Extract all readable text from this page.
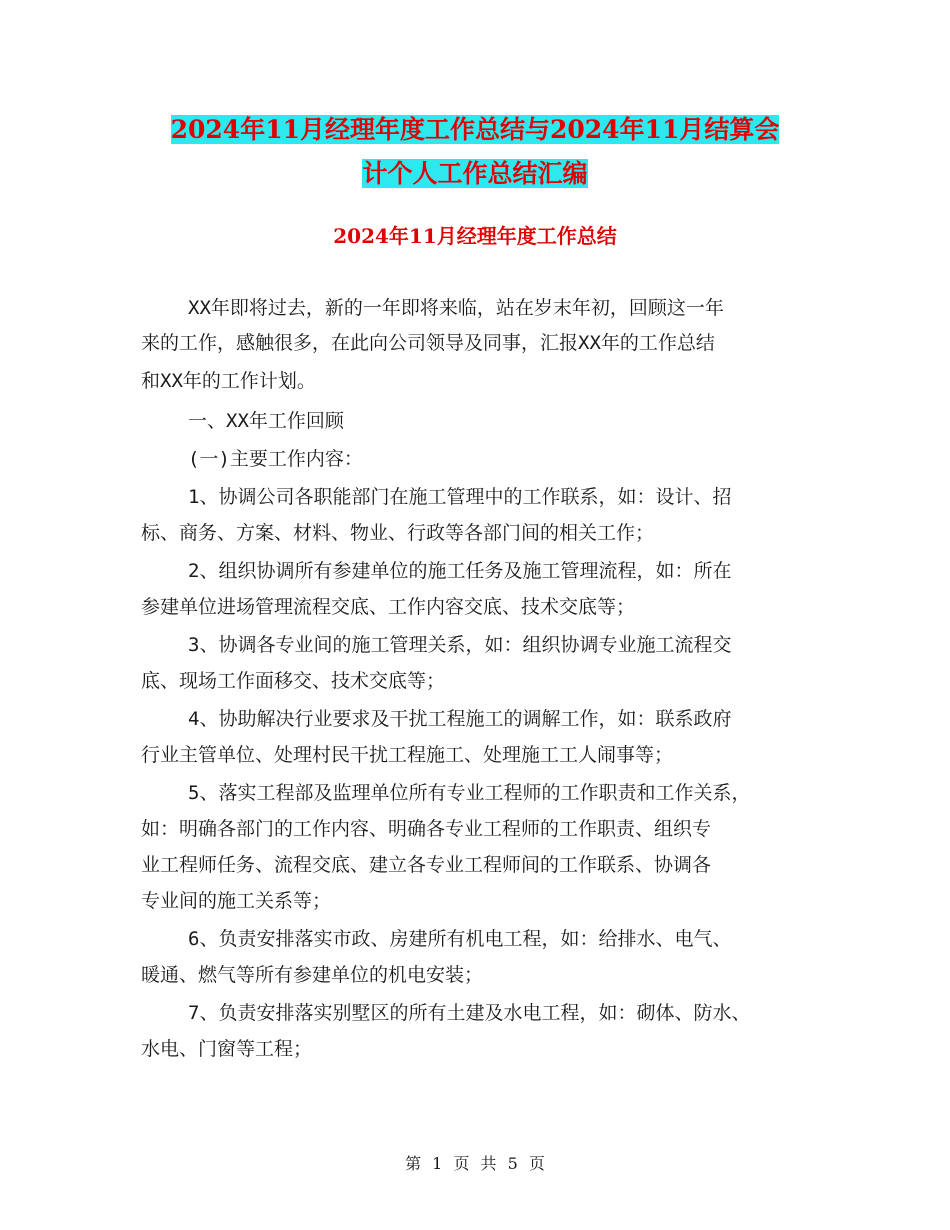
2024年11月经理年度工作总结与2024年11月结算会
计个人工作总结汇编
2024年11月经理年度工作总结
XX年即将过去，新的一年即将来临，站在岁末年初，回顾这一年
来的工作，感触很多，在此向公司领导及同事，汇报XX年的工作总结
和XX年的工作计划。
一、XX年工作回顾
(一)主要工作内容：
1、协调公司各职能部门在施工管理中的工作联系，如：设计、招
标、商务、方案、材料、物业、行政等各部门间的相关工作；
2、组织协调所有参建单位的施工任务及施工管理流程，如：所在
参建单位进场管理流程交底、工作内容交底、技术交底等；
3、协调各专业间的施工管理关系，如：组织协调专业施工流程交
底、现场工作面移交、技术交底等；
4、协助解决行业要求及干扰工程施工的调解工作，如：联系政府
行业主管单位、处理村民干扰工程施工、处理施工工人闹事等；
5、落实工程部及监理单位所有专业工程师的工作职责和工作关系，
如：明确各部门的工作内容、明确各专业工程师的工作职责、组织专
业工程师任务、流程交底、建立各专业工程师间的工作联系、协调各
专业间的施工关系等；
6、负责安排落实市政、房建所有机电工程，如：给排水、电气、
暖通、燃气等所有参建单位的机电安装；
7、负责安排落实别墅区的所有土建及水电工程，如：砌体、防水、
水电、门窗等工程；
第 1 页 共 5 页
